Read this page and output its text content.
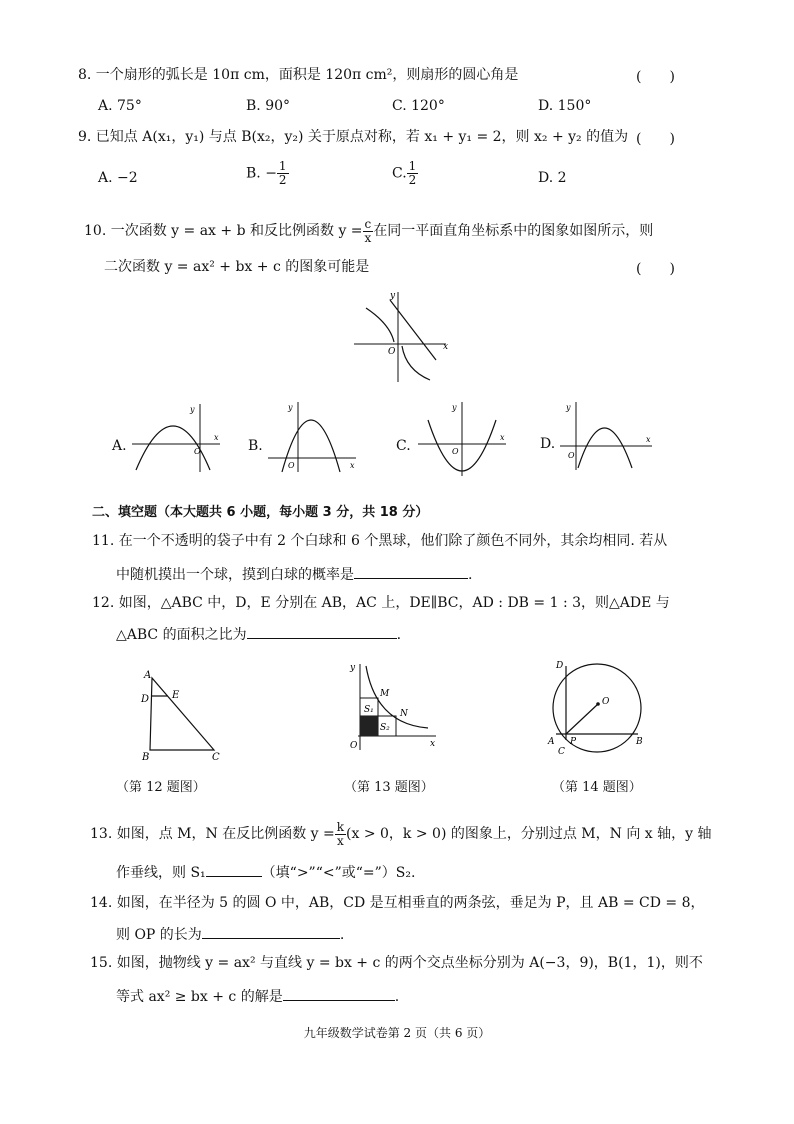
8. 一个扇形的弧长是 10π cm，面积是 120π cm²，则扇形的圆心角是	(　　)
A. 75°	B. 90°	C. 120°	D. 150°
9. 已知点 A(x₁，y₁) 与点 B(x₂，y₂) 关于原点对称，若 x₁ + y₁ = 2，则 x₂ + y₂ 的值为 (　　)
A. −2	B. − $\frac{1}{2}$	C. $\frac{1}{2}$	D. 2
10. 一次函数 y = ax + b 和反比例函数 $y = \frac{c}{x}$ 在同一平面直角坐标系中的图象如图所示，则
二次函数 y = ax² + bx + c 的图象可能是	(　　)
x
y
O
A.
x
y
O	B.
x
y
O
C.
x
y
O	D.	x
y
O
二、填空题（本大题共 6 小题，每小题 3 分，共 18 分）
11. 在一个不透明的袋子中有 2 个白球和 6 个黑球，他们除了颜色不同外，其余均相同. 若从
中随机摸出一个球，摸到白球的概率是	.
12. 如图，△ABC 中，D，E 分别在 AB，AC 上，DE∥BC，AD : DB = 1 : 3，则△ADE 与
△ABC 的面积之比为	.
A
D E
B	C
（第 12 题图）
x
y
O
S₁
S₂
M
N
（第 13 题图）
D
O
A P
C
B
（第 14 题图）
13. 如图，点 M，N 在反比例函数 $y = \frac{k}{x} (x > 0$，k > 0) 的图象上，分别过点 M，N 向 x 轴，y 轴
作垂线，则 S₁	（填“>”“<”或“=”）S₂.
14. 如图，在半径为 5 的圆 O 中，AB，CD 是互相垂直的两条弦，垂足为 P，且 AB = CD = 8，
则 OP 的长为	.
15. 如图，抛物线 y = ax² 与直线 y = bx + c 的两个交点坐标分别为 A(−3，9)，B(1，1)，则不
等式 ax² ≥ bx + c 的解是	.
九年级数学试卷第 2 页（共 6 页）
